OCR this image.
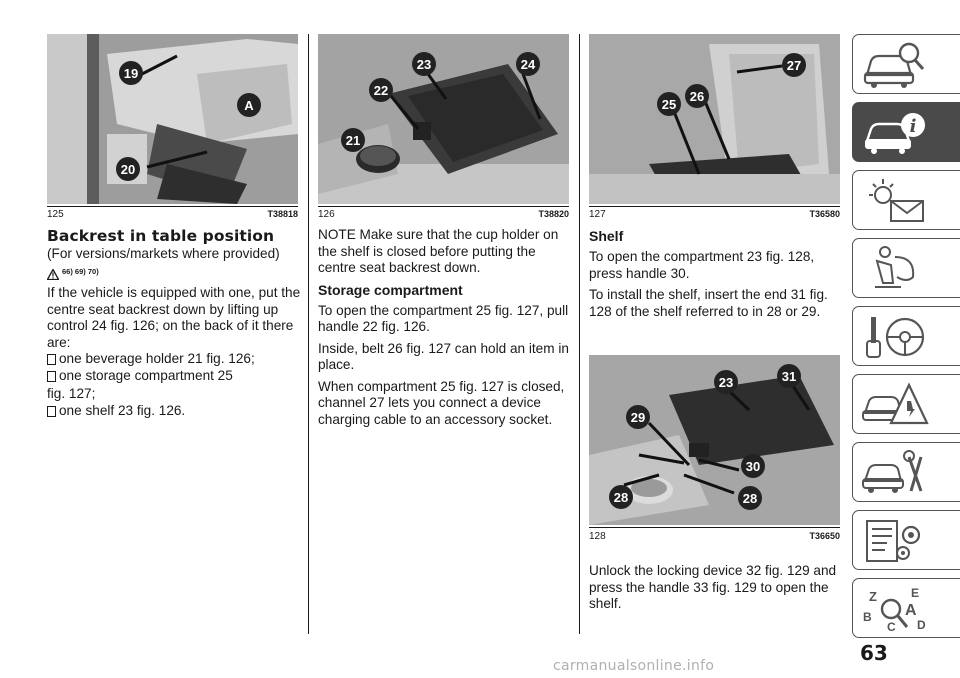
19
A
20
125	T38818
23	24
22
21
126	T38820
27
26
25
127	T36580
23	31
29
30
28	28
128	T36650
Backrest in table position

(For versions/markets where provided)

66) 69) 70)

If the vehicle is equipped with one, put the centre seat backrest down by lifting up control 24 fig. 126; on the back of it there are:

one beverage holder 21 fig. 126;
one storage compartment 25

fig. 127;

one shelf 23 fig. 126.

NOTE Make sure that the cup holder on the shelf is closed before putting the centre seat backrest down.

Storage compartment

To open the compartment 25 fig. 127, pull handle 22 fig. 126.

Inside, belt 26 fig. 127 can hold an item in place.

When compartment 25 fig. 127 is closed, channel 27 lets you connect a device charging cable to an accessory socket.

Shelf

To open the compartment 23 fig. 128, press handle 30.

To install the shelf, insert the end 31 fig. 128 of the shelf referred to in 28 or 29.

Unlock the locking device 32 fig. 129 and press the handle 33 fig. 129 to open the shelf.

i
Z	E
B A
C D
63
carmanualsonline.info
